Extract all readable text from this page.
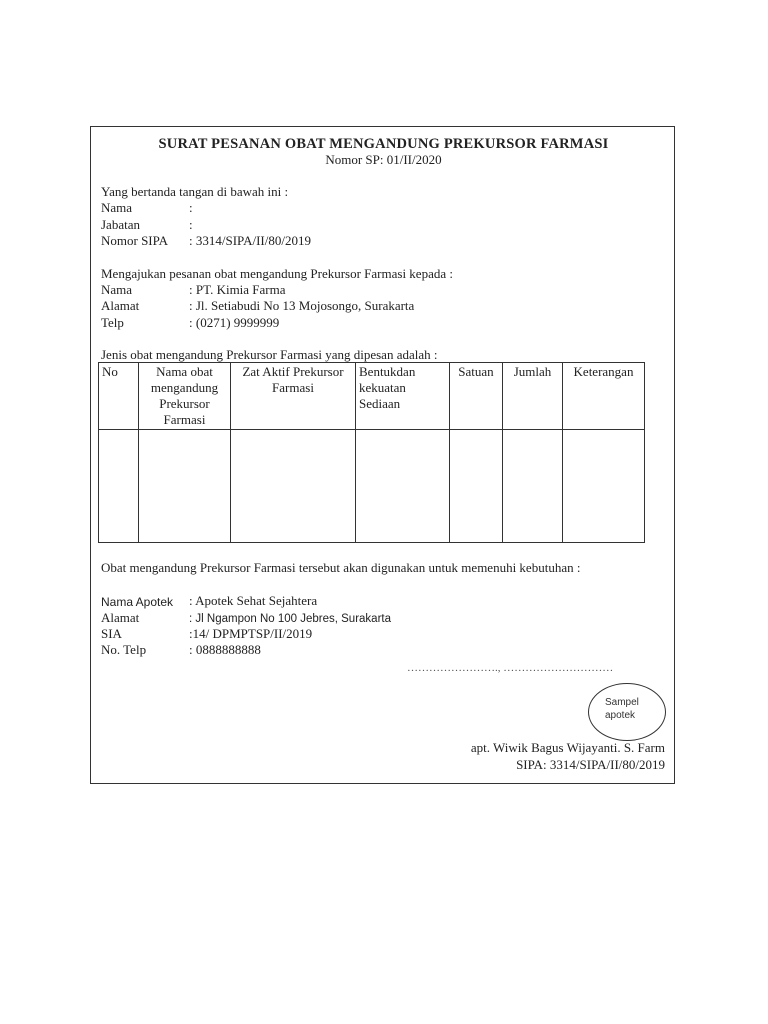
SURAT PESANAN OBAT MENGANDUNG PREKURSOR FARMASI
Nomor SP: 01/II/2020
Yang bertanda tangan di bawah ini :
Nama	:
Jabatan	:
Nomor SIPA : 3314/SIPA/II/80/2019
Mengajukan pesanan obat mengandung Prekursor Farmasi kepada :
Nama	: PT. Kimia Farma
Alamat	: Jl. Setiabudi No 13 Mojosongo, Surakarta
Telp	: (0271) 9999999
Jenis obat mengandung Prekursor Farmasi yang dipesan adalah :
No	Nama obat mengandung Prekursor Farmasi	Zat Aktif Prekursor Farmasi	Bentukdan kekuatan Sediaan	Satuan	Jumlah	Keterangan

Obat mengandung Prekursor Farmasi tersebut akan digunakan untuk memenuhi kebutuhan :
Nama Apotek : Apotek Sehat Sejahtera
Alamat	: Jl Ngampon No 100 Jebres, Surakarta
SIA	:14/ DPMPTSP/II/2019
No. Telp	: 0888888888
……………………., …………………………
Sampel apotek
apt. Wiwik Bagus Wijayanti. S. Farm
SIPA: 3314/SIPA/II/80/2019
